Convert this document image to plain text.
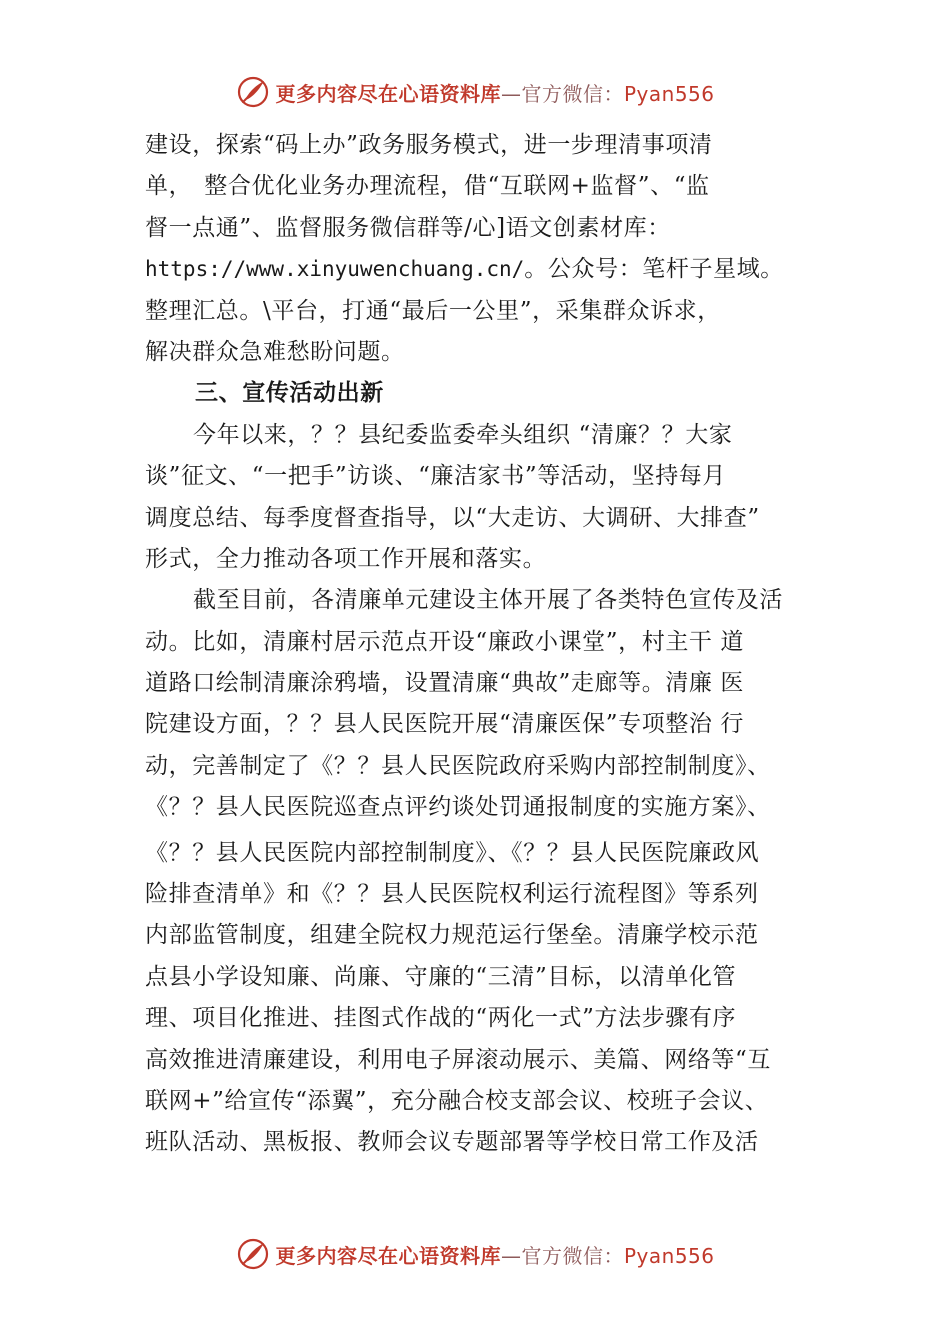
更多内容尽在心语资料库—官方微信：Pyan556
建设，探索“码上办”政务服务模式，进一步理清事项清
单，　整合优化业务办理流程，借“互联网+监督”、“监
督一点通”、监督服务微信群等/心]语文创素材库：
https://www.xinyuwenchuang.cn/。公众号：笔杆子星域。
整理汇总。\平台，打通“最后一公里”，采集群众诉求，
解决群众急难愁盼问题。
三、宣传活动出新
今年以来，？？县纪委监委牵头组织 “清廉？？大家
谈”征文、“一把手”访谈、“廉洁家书”等活动，坚持每月
调度总结、每季度督查指导，以“大走访、大调研、大排查”
形式，全力推动各项工作开展和落实。
截至目前，各清廉单元建设主体开展了各类特色宣传及活
动。比如，清廉村居示范点开设“廉政小课堂”，村主干 道
道路口绘制清廉涂鸦墙，设置清廉“典故”走廊等。清廉 医
院建设方面，？？县人民医院开展“清廉医保”专项整治 行
动，完善制定了《？？县人民医院政府采购内部控制制度》、
《？？县人民医院巡查点评约谈处罚通报制度的实施方案》、
《？？县人民医院内部控制制度》、《？？县人民医院廉政风
险排查清单》和《？？县人民医院权利运行流程图》等系列
内部监管制度，组建全院权力规范运行堡垒。清廉学校示范
点县小学设知廉、尚廉、守廉的“三清”目标，以清单化管
理、项目化推进、挂图式作战的“两化一式”方法步骤有序
高效推进清廉建设，利用电子屏滚动展示、美篇、网络等“互
联网+”给宣传“添翼”，充分融合校支部会议、校班子会议、
班队活动、黑板报、教师会议专题部署等学校日常工作及活
更多内容尽在心语资料库—官方微信：Pyan556
